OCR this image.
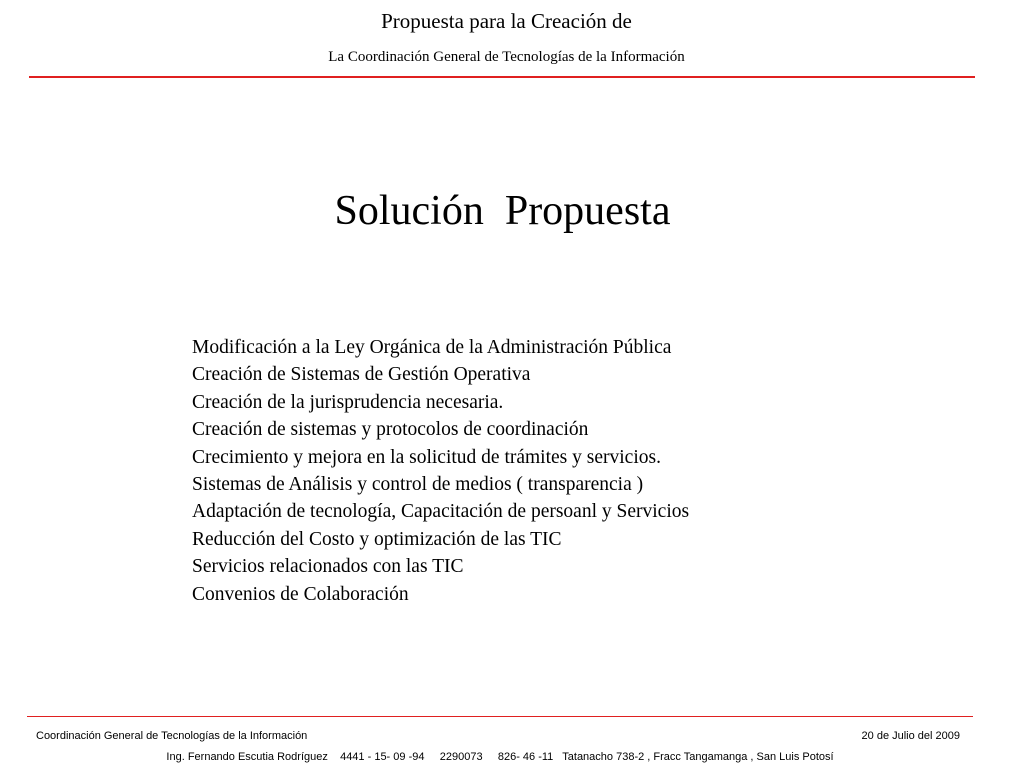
Propuesta para la Creación de
La Coordinación General de Tecnologías de la Información
Solución  Propuesta
Modificación a la Ley Orgánica de la Administración Pública
Creación de Sistemas de Gestión Operativa
Creación de la jurisprudencia necesaria.
Creación de sistemas y protocolos de coordinación
Crecimiento y mejora en la solicitud de trámites y servicios.
Sistemas de Análisis y control de medios ( transparencia )
Adaptación de tecnología, Capacitación de persoanl y Servicios
Reducción del Costo y optimización de las TIC
Servicios relacionados con las TIC
Convenios de Colaboración
Coordinación General de Tecnologías de la Información	20 de Julio del 2009
Ing. Fernando Escutia Rodríguez    4441 - 15- 09 -94     2290073     826- 46 -11   Tatanacho 738-2 , Fracc Tangamanga , San Luis Potosí
